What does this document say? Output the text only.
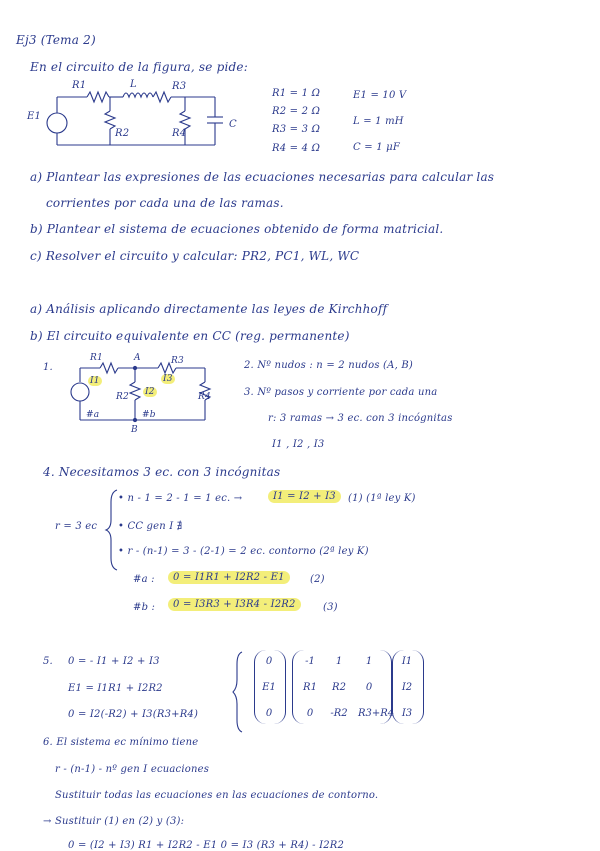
Ej3 (Tema 2)
En el circuito de la figura, se pide:
R1	L	R3
E1
R2	R4
C
R1 = 1 Ω
R2 = 2 Ω
R3 = 3 Ω
R4 = 4 Ω
E1 = 10 V
L = 1 mH
C = 1 μF
a) Plantear las expresiones de las ecuaciones necesarias para calcular las
corrientes por cada una de las ramas.
b) Plantear el sistema de ecuaciones obtenido de forma matricial.
c) Resolver el circuito y calcular: PR2, PC1, WL, WC
a) Análisis aplicando directamente las leyes de Kirchhoff
b) El circuito equivalente en CC (reg. permanente)
1.
R1	A	R3
I1
I2
I3
R2	R4
#a	#b
B
2. Nº nudos : n = 2 nudos (A, B)
3. Nº pasos y corriente por cada una
r: 3 ramas → 3 ec. con 3 incógnitas
I1 , I2 , I3
4. Necesitamos 3 ec. con 3 incógnitas
r = 3 ec
• n - 1 = 2 - 1 = 1 ec. →	I1 = I2 + I3	(1) (1ª ley K)
• CC gen I ∄
• r - (n-1) = 3 - (2-1) = 2 ec. contorno (2ª ley K)
#a :	0 = I1R1 + I2R2 - E1	(2)
#b :	0 = I3R3 + I3R4 - I2R2	(3)
5. 0 = - I1 + I2 + I3
E1 = I1R1 + I2R2
0 = I2(-R2) + I3(R3+R4)
0
E1
0
-1	1	1
R1	R2	0
0	-R2	R3+R4
I1
I2
I3
6. El sistema ec mínimo tiene
r - (n-1) - nº gen I ecuaciones
Sustituir todas las ecuaciones en las ecuaciones de contorno.
→ Sustituir (1) en (2) y (3):
0 = (I2 + I3) R1 + I2R2 - E1 0 = I3 (R3 + R4) - I2R2
